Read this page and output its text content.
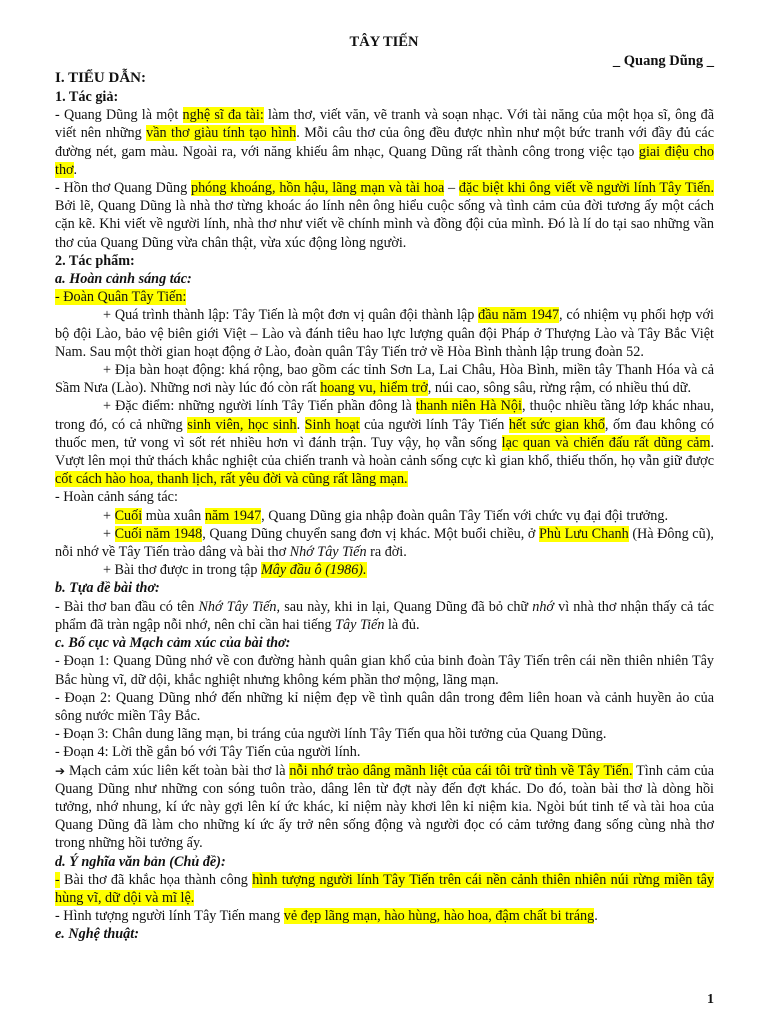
TÂY TIẾN
_ Quang Dũng _

I. TIỂU DẪN:

1. Tác giả:

- Quang Dũng là một nghệ sĩ đa tài: làm thơ, viết văn, vẽ tranh và soạn nhạc. Với tài năng của một họa sĩ, ông đã viết nên những vần thơ giàu tính tạo hình. Mỗi câu thơ của ông đều được nhìn như một bức tranh với đầy đủ các đường nét, gam màu. Ngoài ra, với năng khiếu âm nhạc, Quang Dũng rất thành công trong việc tạo giai điệu cho thơ.

- Hồn thơ Quang Dũng phóng khoáng, hồn hậu, lãng mạn và tài hoa – đặc biệt khi ông viết về người lính Tây Tiến. Bởi lẽ, Quang Dũng là nhà thơ từng khoác áo lính nên ông hiểu cuộc sống và tình cảm của đời tương ấy một cách cặn kẽ. Khi viết về người lính, nhà thơ như viết về chính mình và đồng đội của mình. Đó là lí do tại sao những vần thơ của Quang Dũng vừa chân thật, vừa xúc động lòng người.

2. Tác phẩm:

a. Hoàn cảnh sáng tác:

- Đoàn Quân Tây Tiến:

+ Quá trình thành lập: Tây Tiến là một đơn vị quân đội thành lập đầu năm 1947, có nhiệm vụ phối hợp với bộ đội Lào, bảo vệ biên giới Việt – Lào và đánh tiêu hao lực lượng quân đội Pháp ở Thượng Lào và Tây Bắc Việt Nam. Sau một thời gian hoạt động ở Lào, đoàn quân Tây Tiến trở về Hòa Bình thành lập trung đoàn 52.

+ Địa bàn hoạt động: khá rộng, bao gồm các tỉnh Sơn La, Lai Châu, Hòa Bình, miền tây Thanh Hóa và cả Sầm Nưa (Lào). Những nơi này lúc đó còn rất hoang vu, hiểm trở, núi cao, sông sâu, rừng rậm, có nhiều thú dữ.

+ Đặc điểm: những người lính Tây Tiến phần đông là thanh niên Hà Nội, thuộc nhiều tầng lớp khác nhau, trong đó, có cả những sinh viên, học sinh. Sinh hoạt của người lính Tây Tiến hết sức gian khổ, ốm đau không có thuốc men, tử vong vì sốt rét nhiều hơn vì đánh trận. Tuy vậy, họ vẫn sống lạc quan và chiến đấu rất dũng cảm. Vượt lên mọi thử thách khắc nghiệt của chiến tranh và hoàn cảnh sống cực kì gian khổ, thiếu thốn, họ vẫn giữ được cốt cách hào hoa, thanh lịch, rất yêu đời và cũng rất lãng mạn.

- Hoàn cảnh sáng tác:

+ Cuối mùa xuân năm 1947, Quang Dũng gia nhập đoàn quân Tây Tiến với chức vụ đại đội trưởng.

+ Cuối năm 1948, Quang Dũng chuyển sang đơn vị khác. Một buổi chiều, ở Phù Lưu Chanh (Hà Đông cũ), nỗi nhớ về Tây Tiến trào dâng và bài thơ Nhớ Tây Tiến ra đời.

+ Bài thơ được in trong tập Mây đầu ô (1986).

b. Tựa đề bài thơ:

- Bài thơ ban đầu có tên Nhớ Tây Tiến, sau này, khi in lại, Quang Dũng đã bỏ chữ nhớ vì nhà thơ nhận thấy cả tác phẩm đã tràn ngập nỗi nhớ, nên chỉ cần hai tiếng Tây Tiến là đủ.

c. Bố cục và Mạch cảm xúc của bài thơ:

- Đoạn 1: Quang Dũng nhớ về con đường hành quân gian khổ của binh đoàn Tây Tiến trên cái nền thiên nhiên Tây Bắc hùng vĩ, dữ dội, khắc nghiệt nhưng không kém phần thơ mộng, lãng mạn.

- Đoạn 2: Quang Dũng nhớ đến những kỉ niệm đẹp về tình quân dân trong đêm liên hoan và cảnh huyền ảo của sông nước miền Tây Bắc.

- Đoạn 3: Chân dung lãng mạn, bi tráng của người lính Tây Tiến qua hồi tưởng của Quang Dũng.

- Đoạn 4: Lời thề gắn bó với Tây Tiến của người lính.

➔ Mạch cảm xúc liên kết toàn bài thơ là nỗi nhớ trào dâng mãnh liệt của cái tôi trữ tình về Tây Tiến. Tình cảm của Quang Dũng như những con sóng tuôn trào, dâng lên từ đợt này đến đợt khác. Do đó, toàn bài thơ là dòng hồi tưởng, nhớ nhung, kí ức này gợi lên kí ức khác, kỉ niệm này khơi lên kỉ niệm kia. Ngòi bút tinh tế và tài hoa của Quang Dũng đã làm cho những kí ức ấy trở nên sống động và người đọc có cảm tưởng đang sống cùng nhà thơ trong những hồi tưởng ấy.

d. Ý nghĩa văn bản (Chủ đề):

- Bài thơ đã khắc họa thành công hình tượng người lính Tây Tiến trên cái nền cảnh thiên nhiên núi rừng miền tây hùng vĩ, dữ dội và mĩ lệ.

- Hình tượng người lính Tây Tiến mang vẻ đẹp lãng mạn, hào hùng, hào hoa, đậm chất bi tráng.

e. Nghệ thuật:

1
